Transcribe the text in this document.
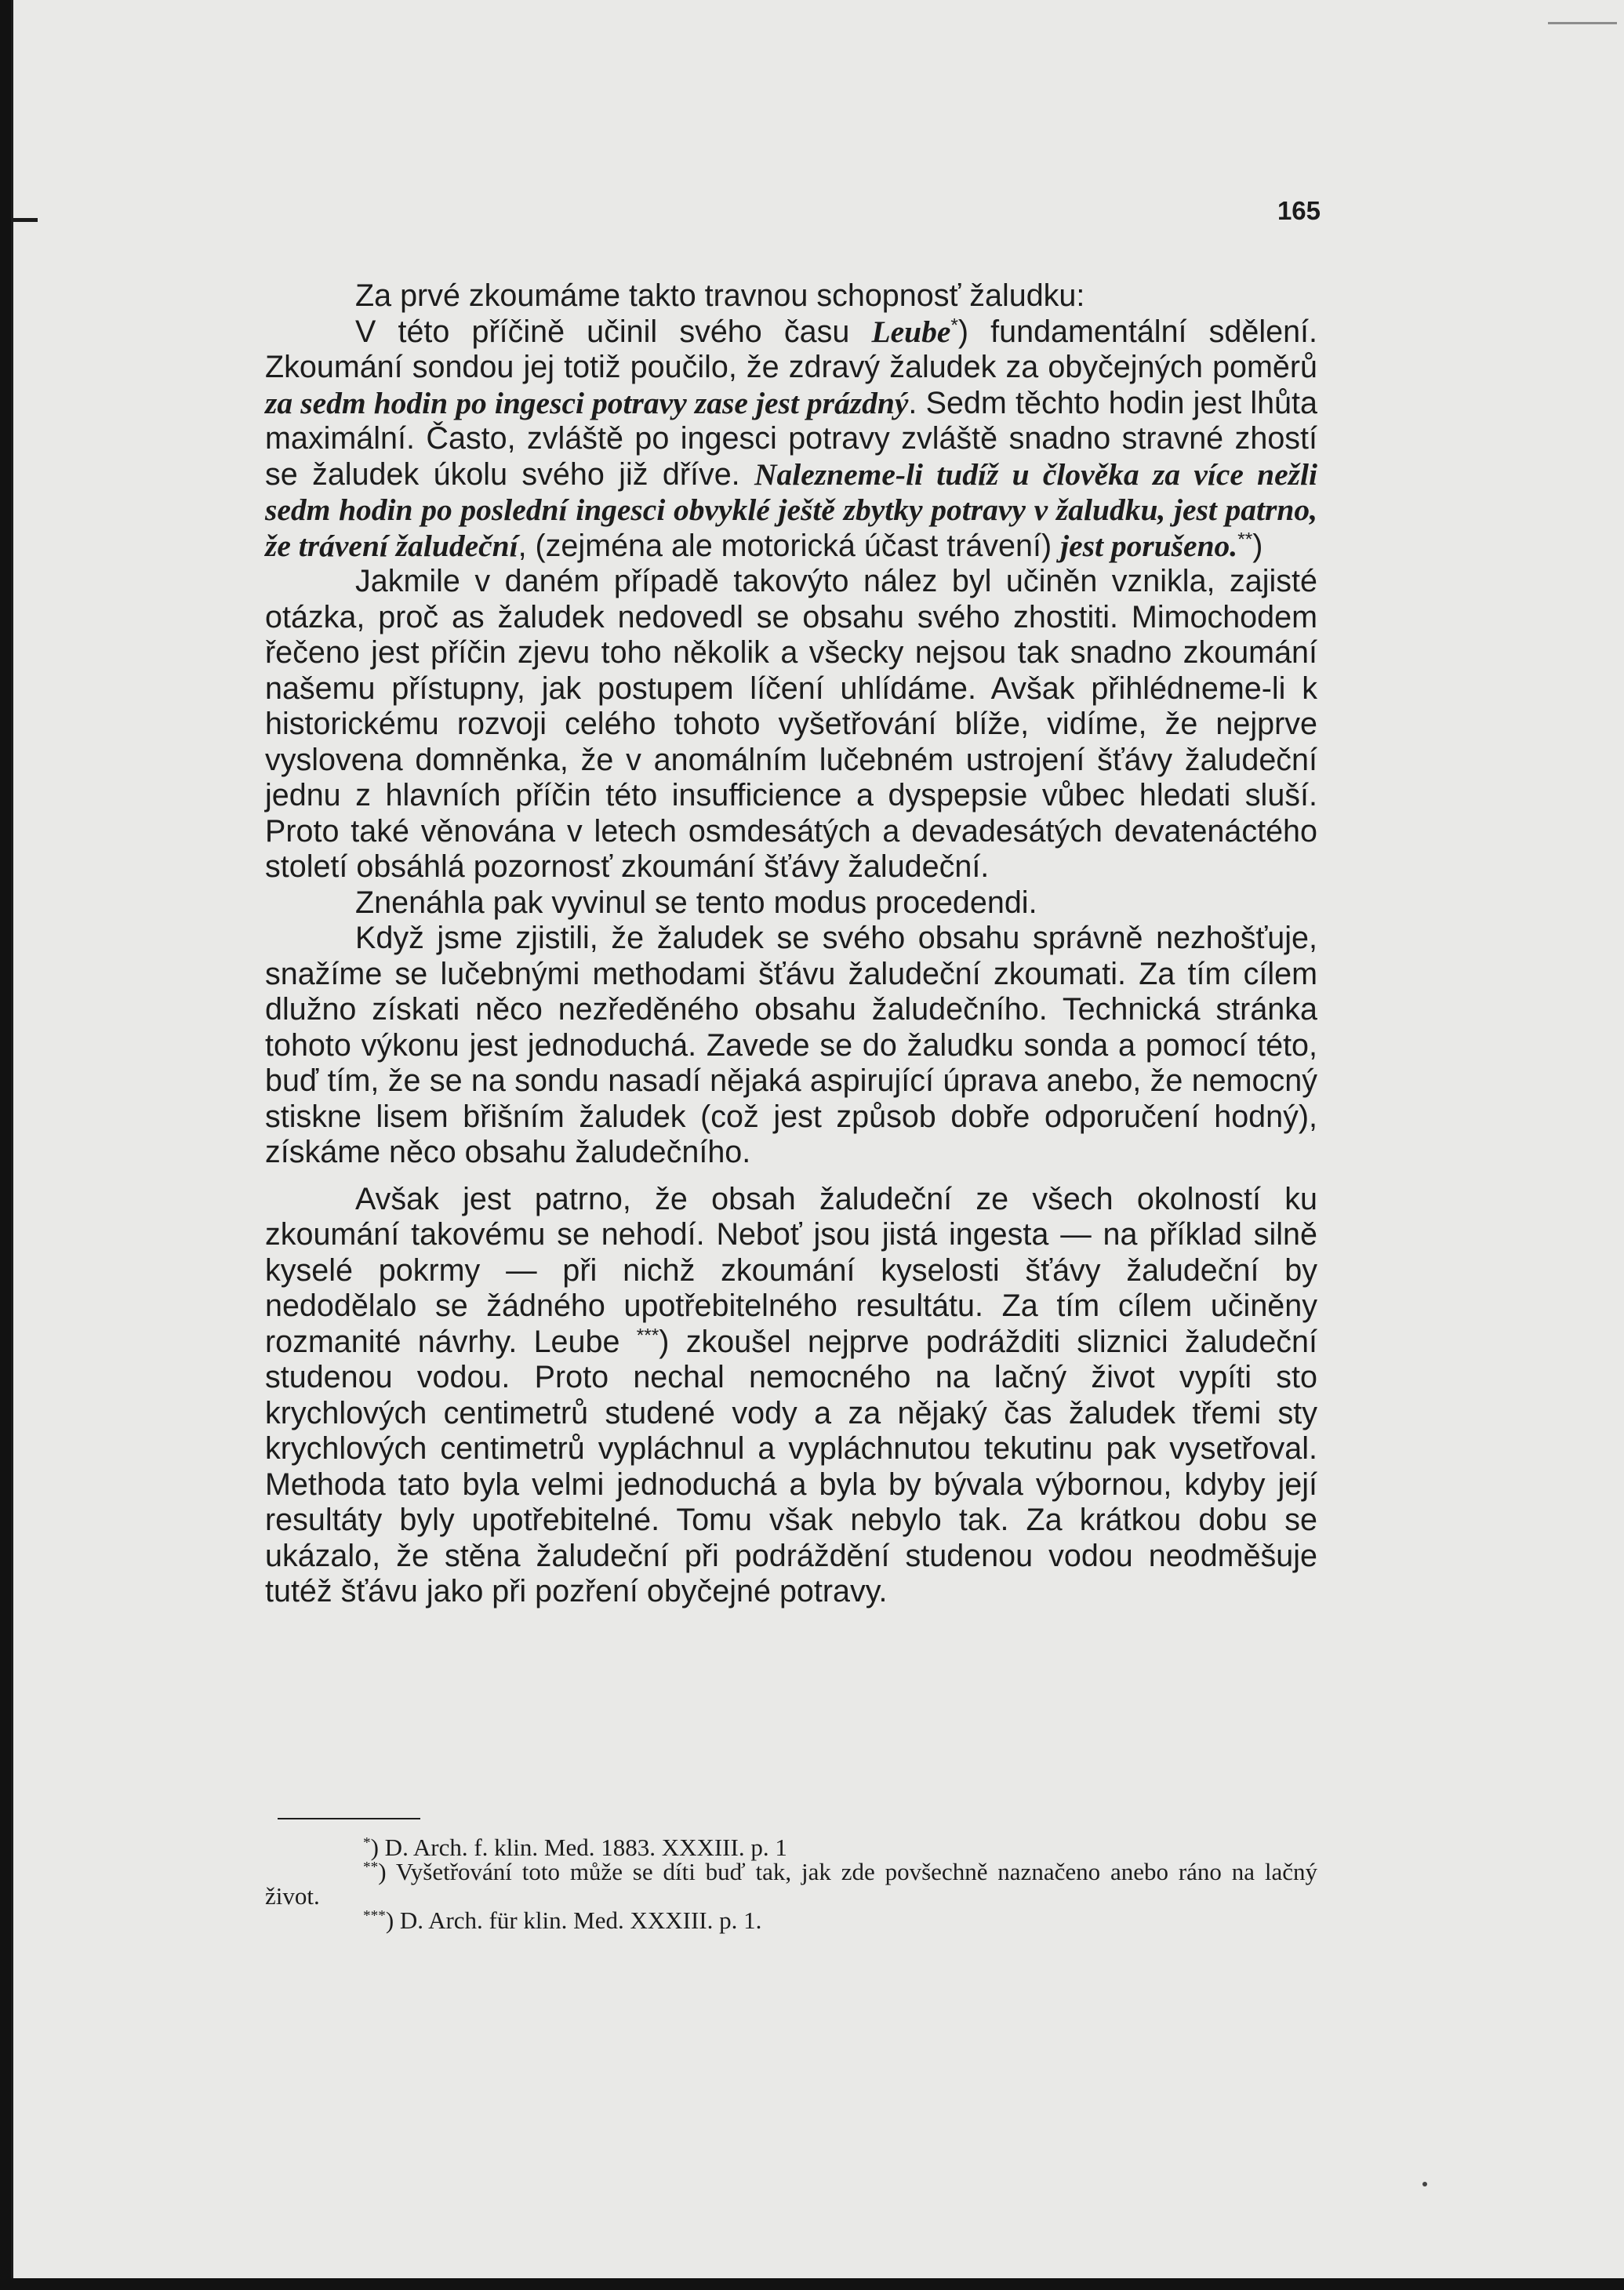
165

Za prvé zkoumáme takto travnou schopnosť žaludku:

V této příčině učinil svého času Leube*) fundamentální sdělení. Zkoumání sondou jej totiž poučilo, že zdravý žaludek za obyčejných poměrů za sedm hodin po ingesci potravy zase jest prázdný. Sedm těchto hodin jest lhůta maximální. Často, zvláště po ingesci potravy zvláště snadno stravné zhostí se žaludek úkolu svého již dříve. Nalezneme-li tudíž u člověka za více nežli sedm hodin po poslední ingesci obvyklé ještě zbytky potravy v žaludku, jest patrno, že trávení žaludeční, (zejména ale motorická účast trávení) jest porušeno.**)

Jakmile v daném případě takovýto nález byl učiněn vznikla, zajisté otázka, proč as žaludek nedovedl se obsahu svého zhostiti. Mimochodem řečeno jest příčin zjevu toho několik a všecky nejsou tak snadno zkoumání našemu přístupny, jak postupem líčení uhlídáme. Avšak přihlédneme-li k historickému rozvoji celého tohoto vyšetřování blíže, vidíme, že nejprve vyslovena domněnka, že v anomálním lučebném ustrojení šťávy žaludeční jednu z hlavních příčin této insufficience a dyspepsie vůbec hledati sluší. Proto také věnována v letech osmdesátých a devadesátých devatenáctého století obsáhlá pozornosť zkoumání šťávy žaludeční.

Znenáhla pak vyvinul se tento modus procedendi.

Když jsme zjistili, že žaludek se svého obsahu správně nezhošťuje, snažíme se lučebnými methodami šťávu žaludeční zkoumati. Za tím cílem dlužno získati něco nezředěného obsahu žaludečního. Technická stránka tohoto výkonu jest jednoduchá. Zavede se do žaludku sonda a pomocí této, buď tím, že se na sondu nasadí nějaká aspirující úprava anebo, že nemocný stiskne lisem břišním žaludek (což jest způsob dobře odporučení hodný), získáme něco obsahu žaludečního.

Avšak jest patrno, že obsah žaludeční ze všech okolností ku zkoumání takovému se nehodí. Neboť jsou jistá ingesta — na příklad silně kyselé pokrmy — při nichž zkoumání kyselosti šťávy žaludeční by nedodělalo se žádného upotřebitelného resultátu. Za tím cílem učiněny rozmanité návrhy. Leube ***) zkoušel nejprve podrážditi sliznici žaludeční studenou vodou. Proto nechal nemocného na lačný život vypíti sto krychlových centimetrů studené vody a za nějaký čas žaludek třemi sty krychlových centimetrů vypláchnul a vypláchnutou tekutinu pak vysetřoval. Methoda tato byla velmi jednoduchá a byla by bývala výbornou, kdyby její resultáty byly upotřebitelné. Tomu však nebylo tak. Za krátkou dobu se ukázalo, že stěna žaludeční při podráždění studenou vodou neodměšuje tutéž šťávu jako při pozření obyčejné potravy.

*) D. Arch. f. klin. Med. 1883. XXXIII. p. 1

**) Vyšetřování toto může se díti buď tak, jak zde povšechně naznačeno anebo ráno na lačný život.

***) D. Arch. für klin. Med. XXXIII. p. 1.
